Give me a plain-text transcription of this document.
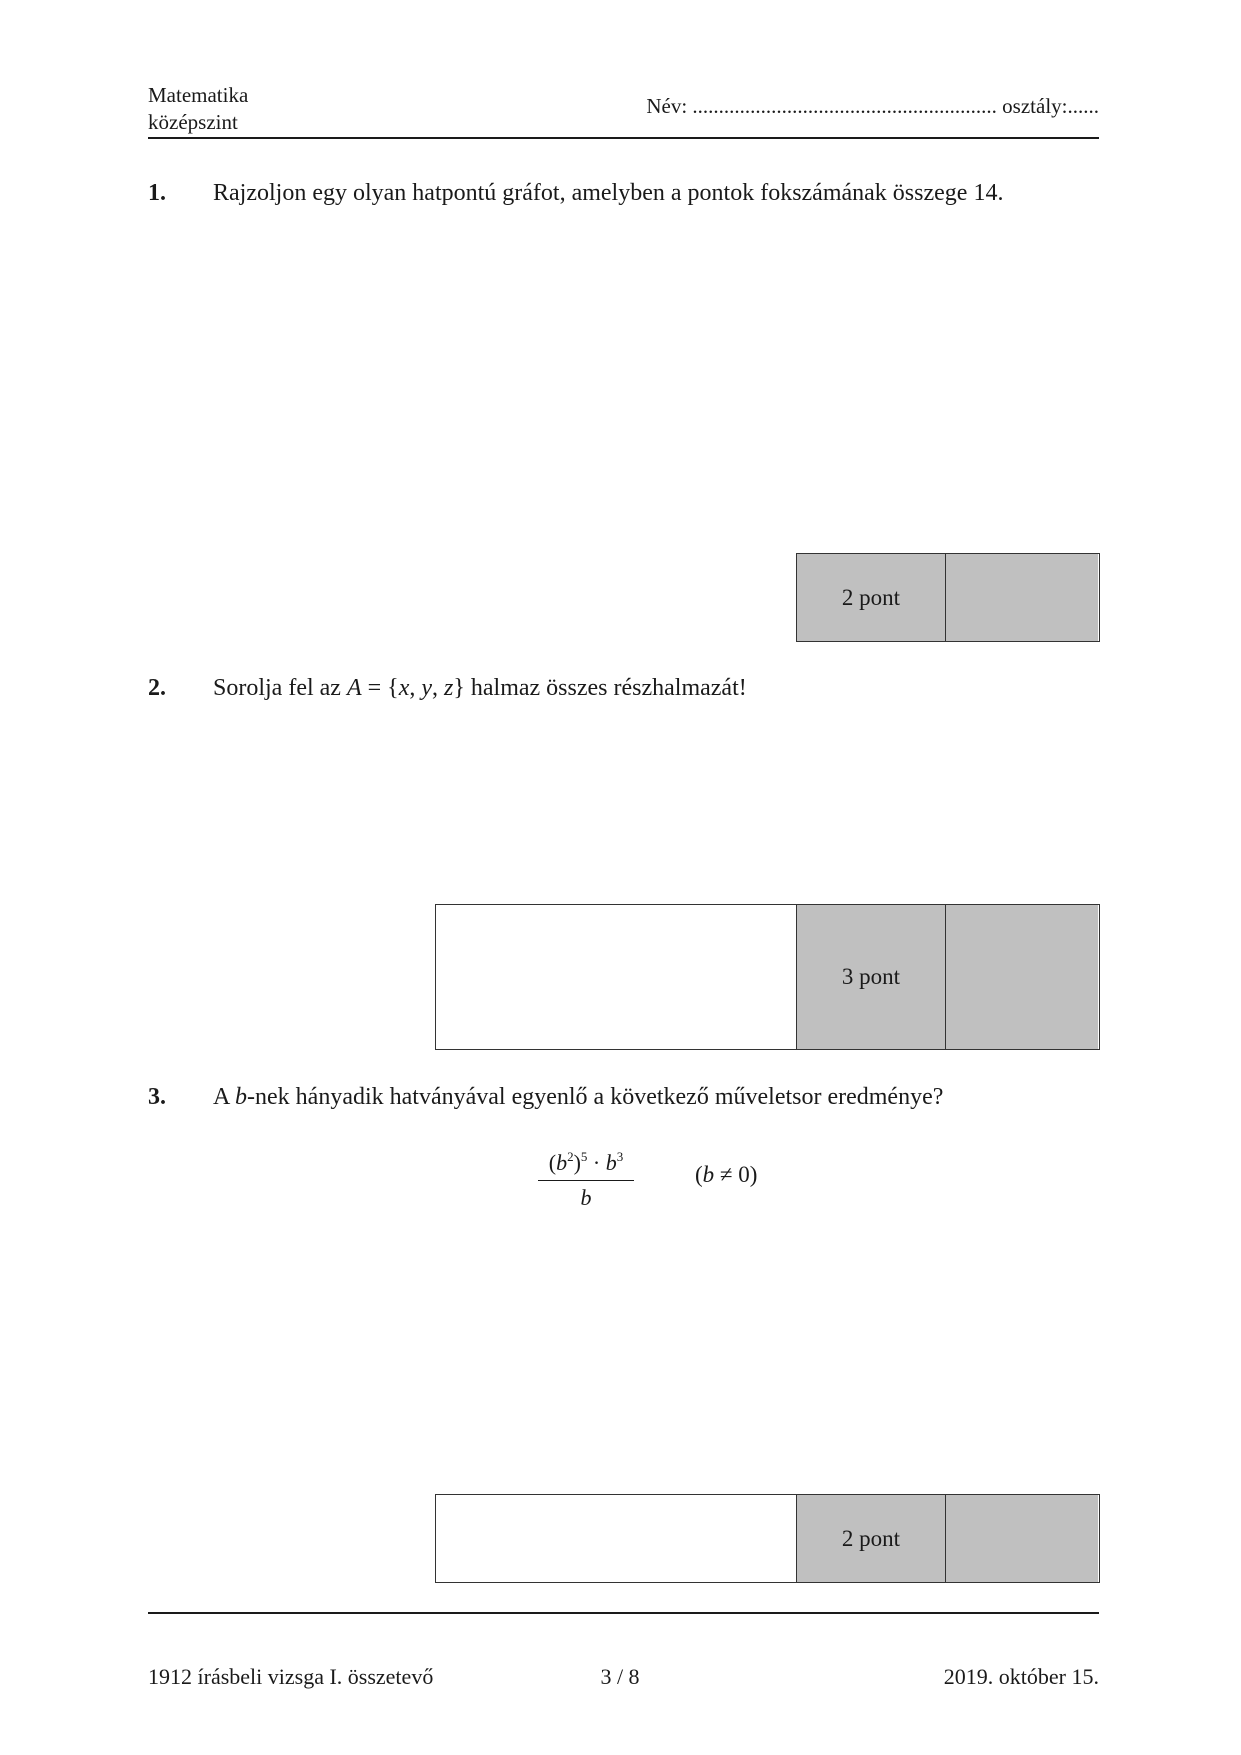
Matematika
középszint
Név: .......................................................... osztály:......
1. Rajzoljon egy olyan hatpontú gráfot, amelyben a pontok fokszámának összege 14.
2 pont
2. Sorolja fel az A = {x, y, z} halmaz összes részhalmazát!
3 pont
3. A b-nek hányadik hatványával egyenlő a következő műveletsor eredménye?
$\frac{(b^2)^5 \cdot b^3}{b}$	(b ≠ 0)
2 pont
1912 írásbeli vizsga I. összetevő	3 / 8	2019. október 15.
